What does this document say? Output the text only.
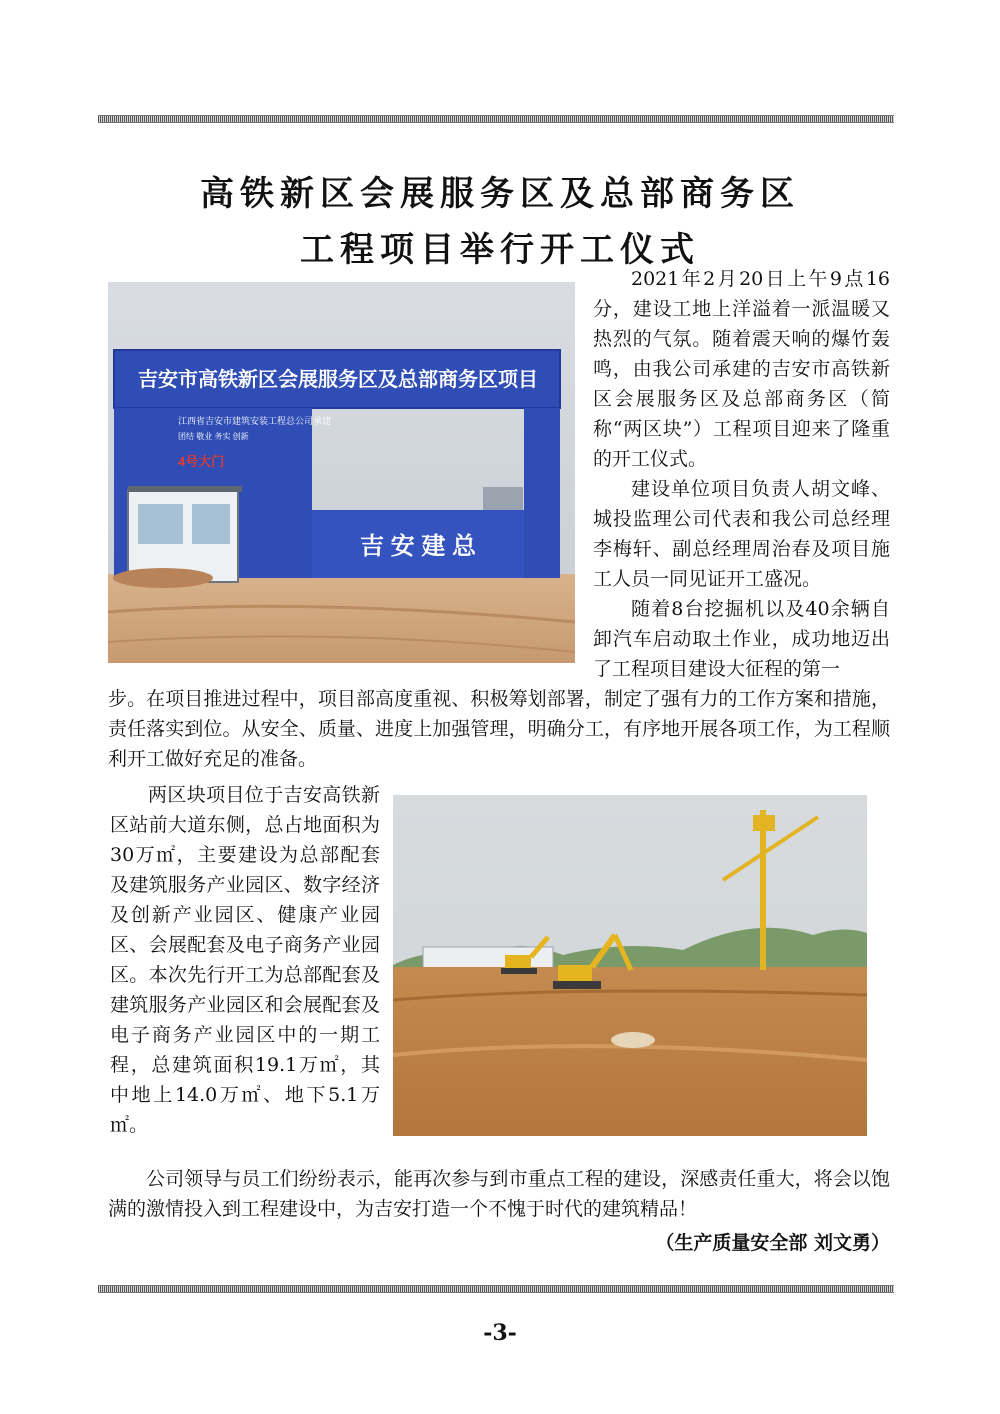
高铁新区会展服务区及总部商务区
工程项目举行开工仪式
吉安市高铁新区会展服务区及总部商务区项目
江西省吉安市建筑安装工程总公司承建
团结 敬业 务实 创新
4号大门
吉 安 建 总

2021年2月20日上午9点16分，建设工地上洋溢着一派温暖又热烈的气氛。随着震天响的爆竹轰鸣，由我公司承建的吉安市高铁新区会展服务区及总部商务区（简称“两区块”）工程项目迎来了隆重的开工仪式。

建设单位项目负责人胡文峰、城投监理公司代表和我公司总经理李梅轩、副总经理周治春及项目施工人员一同见证开工盛况。

随着8台挖掘机以及40余辆自卸汽车启动取土作业，成功地迈出了工程项目建设大征程的第一

步。在项目推进过程中，项目部高度重视、积极筹划部署，制定了强有力的工作方案和措施，责任落实到位。从安全、质量、进度上加强管理，明确分工，有序地开展各项工作，为工程顺利开工做好充足的准备。

两区块项目位于吉安高铁新区站前大道东侧，总占地面积为30万㎡，主要建设为总部配套及建筑服务产业园区、数字经济及创新产业园区、健康产业园区、会展配套及电子商务产业园区。本次先行开工为总部配套及建筑服务产业园区和会展配套及电子商务产业园区中的一期工程，总建筑面积19.1万㎡，其中地上14.0万㎡、地下5.1万㎡。

公司领导与员工们纷纷表示，能再次参与到市重点工程的建设，深感责任重大，将会以饱满的激情投入到工程建设中，为吉安打造一个不愧于时代的建筑精品！

（生产质量安全部 刘文勇）
-3-
